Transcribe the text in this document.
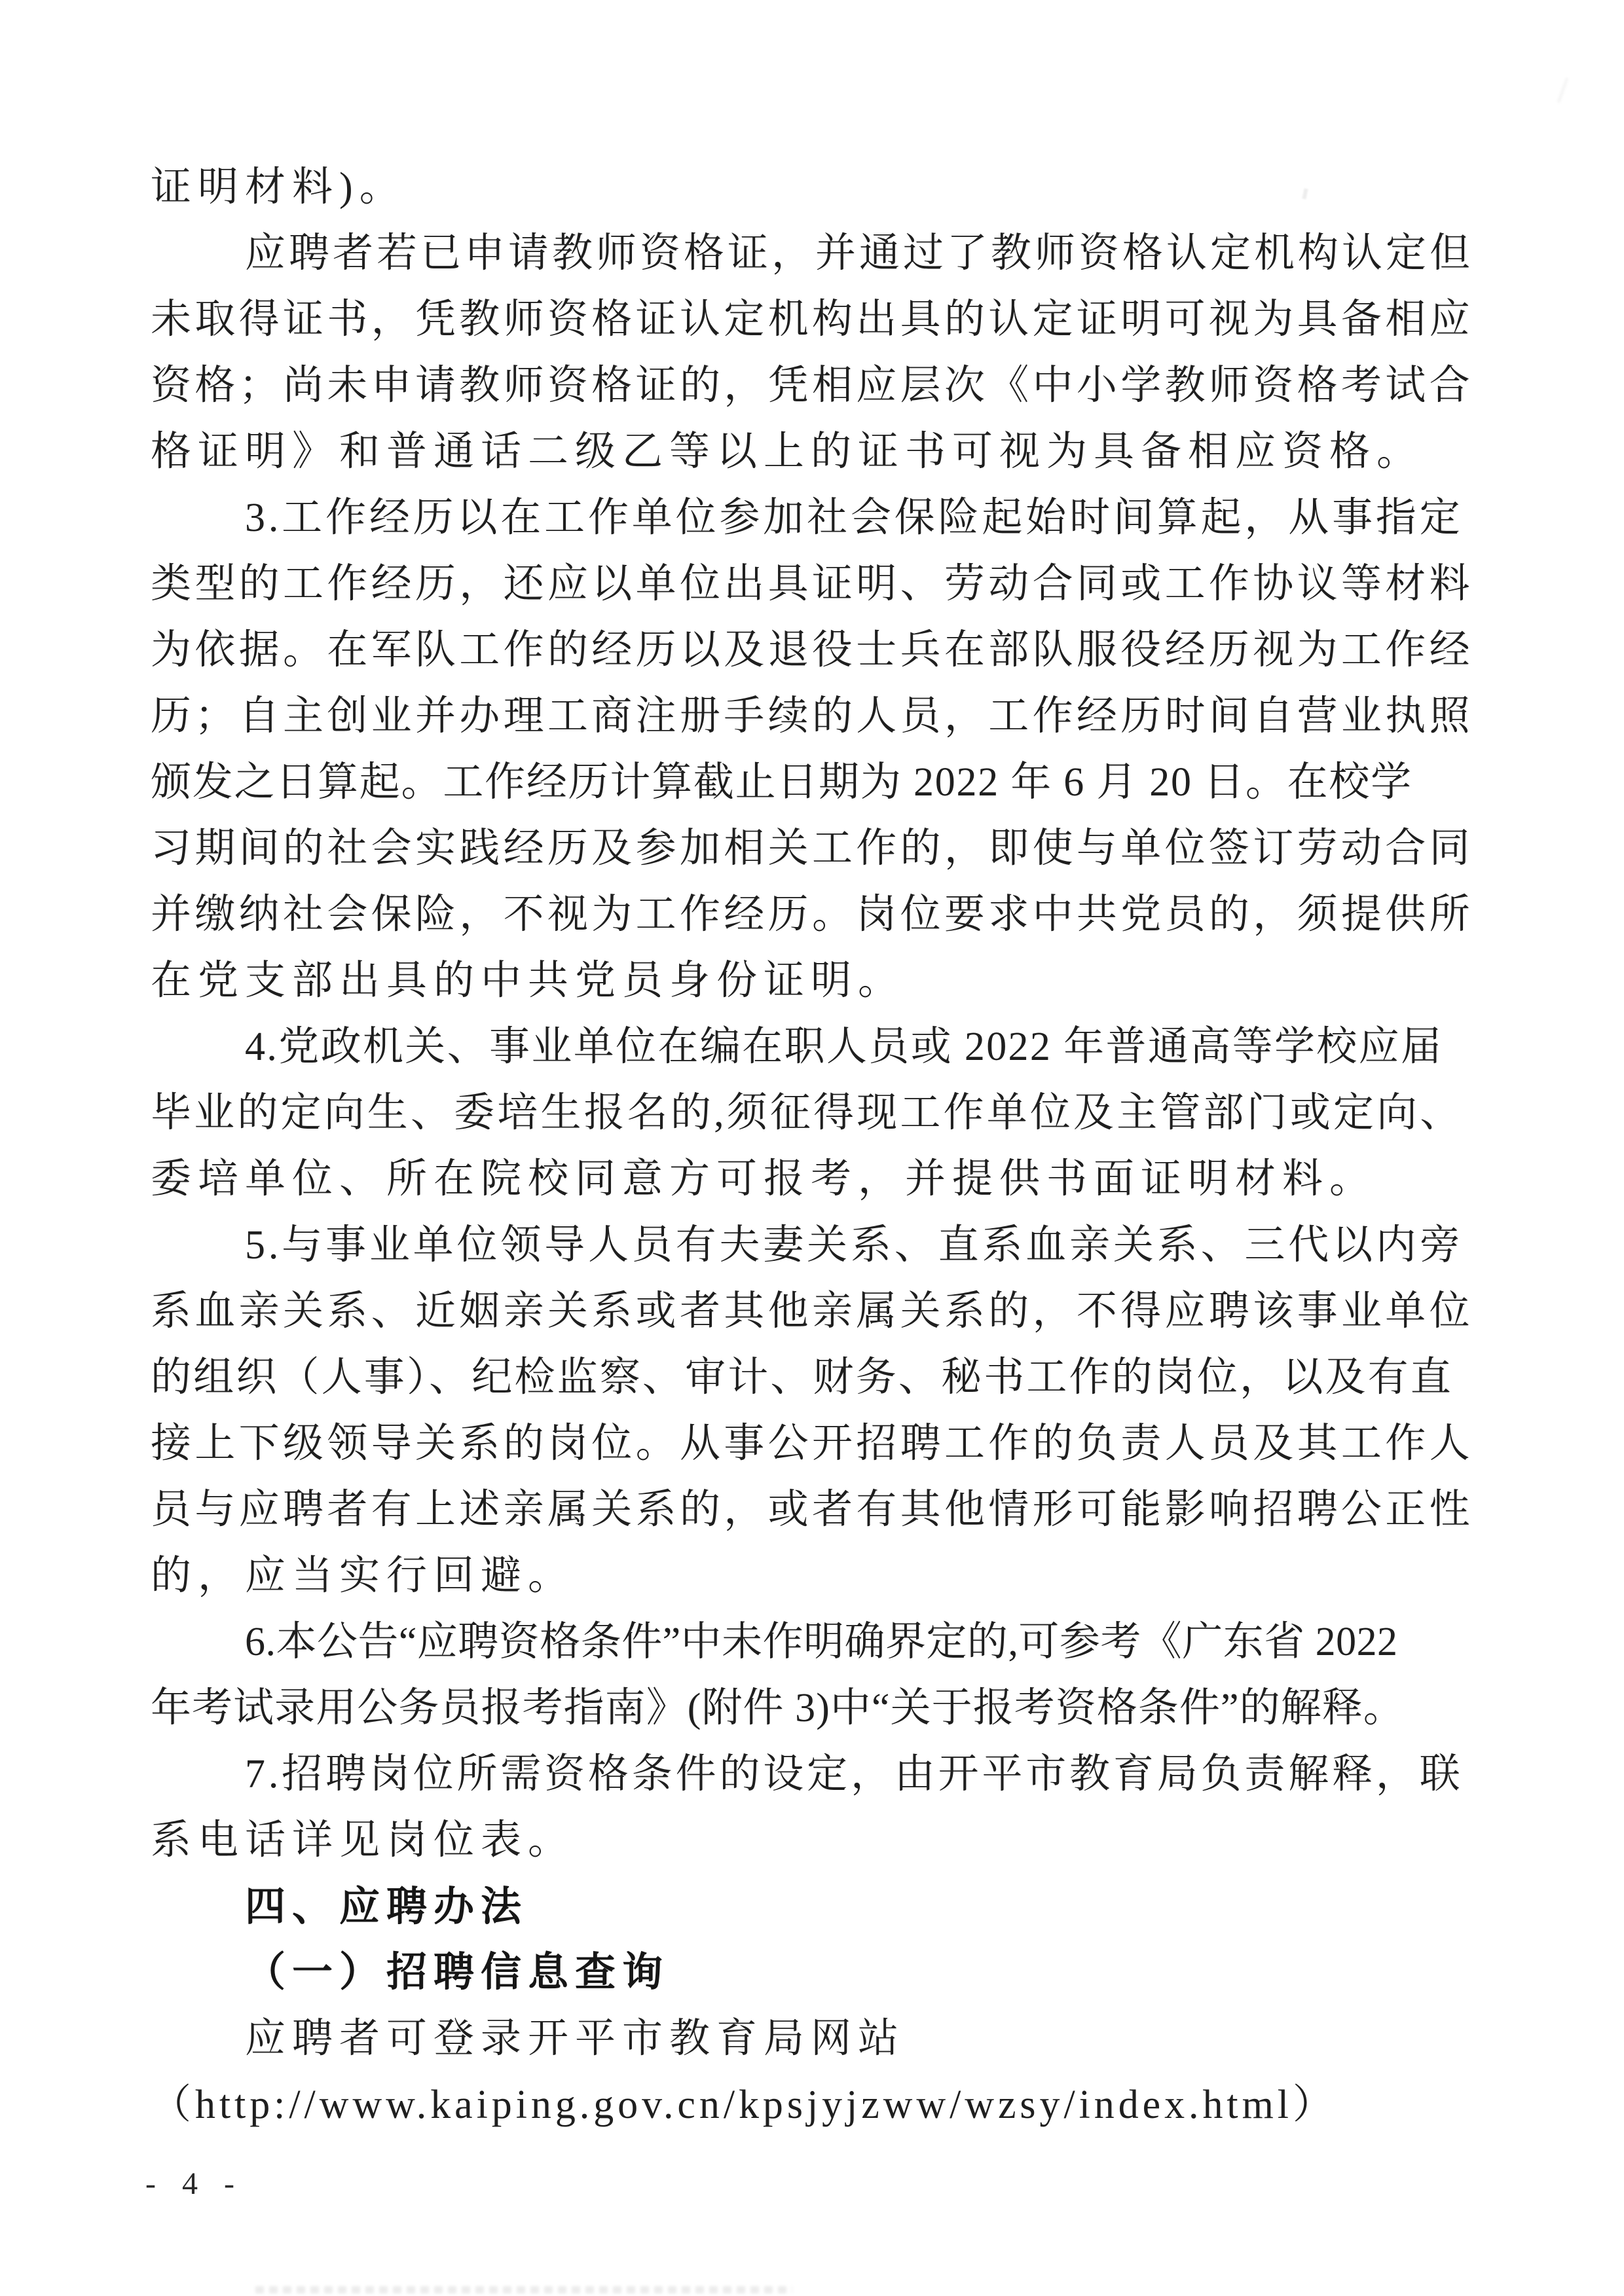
证明材料)。
应聘者若已申请教师资格证，并通过了教师资格认定机构认定但
未取得证书，凭教师资格证认定机构出具的认定证明可视为具备相应
资格；尚未申请教师资格证的，凭相应层次《中小学教师资格考试合
格证明》和普通话二级乙等以上的证书可视为具备相应资格。
3.工作经历以在工作单位参加社会保险起始时间算起，从事指定
类型的工作经历，还应以单位出具证明、劳动合同或工作协议等材料
为依据。在军队工作的经历以及退役士兵在部队服役经历视为工作经
历；自主创业并办理工商注册手续的人员，工作经历时间自营业执照
颁发之日算起。工作经历计算截止日期为 2022 年 6 月 20 日。在校学
习期间的社会实践经历及参加相关工作的，即使与单位签订劳动合同
并缴纳社会保险，不视为工作经历。岗位要求中共党员的，须提供所
在党支部出具的中共党员身份证明。
4.党政机关、事业单位在编在职人员或 2022 年普通高等学校应届
毕业的定向生、委培生报名的,须征得现工作单位及主管部门或定向、
委培单位、所在院校同意方可报考，并提供书面证明材料。
5.与事业单位领导人员有夫妻关系、直系血亲关系、三代以内旁
系血亲关系、近姻亲关系或者其他亲属关系的，不得应聘该事业单位
的组织（人事）、纪检监察、审计、财务、秘书工作的岗位，以及有直
接上下级领导关系的岗位。从事公开招聘工作的负责人员及其工作人
员与应聘者有上述亲属关系的，或者有其他情形可能影响招聘公正性
的，应当实行回避。
6.本公告“应聘资格条件”中未作明确界定的,可参考《广东省 2022
年考试录用公务员报考指南》(附件 3)中“关于报考资格条件”的解释。
7.招聘岗位所需资格条件的设定，由开平市教育局负责解释，联
系电话详见岗位表。
四、应聘办法
（一）招聘信息查询
应聘者可登录开平市教育局网站
（http://www.kaiping.gov.cn/kpsjyjzww/wzsy/index.html）
- 4 -
